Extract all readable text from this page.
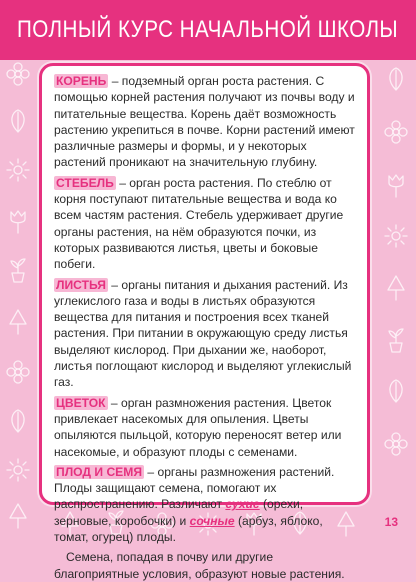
ПОЛНЫЙ КУРС НАЧАЛЬНОЙ ШКОЛЫ

КОРЕНЬ – подземный орган роста растения. С помощью корней растения получают из почвы воду и питательные вещества. Корень даёт возможность растению укрепиться в почве. Корни растений имеют различные размеры и формы, и у некоторых растений проникают на значительную глубину.

СТЕБЕЛЬ – орган роста растения. По стеблю от корня поступают питательные вещества и вода ко всем частям растения. Стебель удерживает другие органы растения, на нём образуются почки, из которых развиваются листья, цветы и боковые побеги.

ЛИСТЬЯ – органы питания и дыхания растений. Из углекислого газа и воды в листьях образуются вещества для питания и построения всех тканей растения. При питании в окружающую среду листья выделяют кислород. При дыхании же, наоборот, листья поглощают кислород и выделяют углекислый газ.

ЦВЕТОК – орган размножения растения. Цветок привлекает насекомых для опыления. Цветы опыляются пыльцой, которую переносят ветер или насекомые, и образуют плоды с семенами.

ПЛОД И СЕМЯ – органы размножения растений. Плоды защищают семена, помогают их распространению. Различают сухие (орехи, зерновые, коробочки) и сочные (арбуз, яблоко, томат, огурец) плоды.

Семена, попадая в почву или другие благоприятные условия, образуют новые растения.

13
